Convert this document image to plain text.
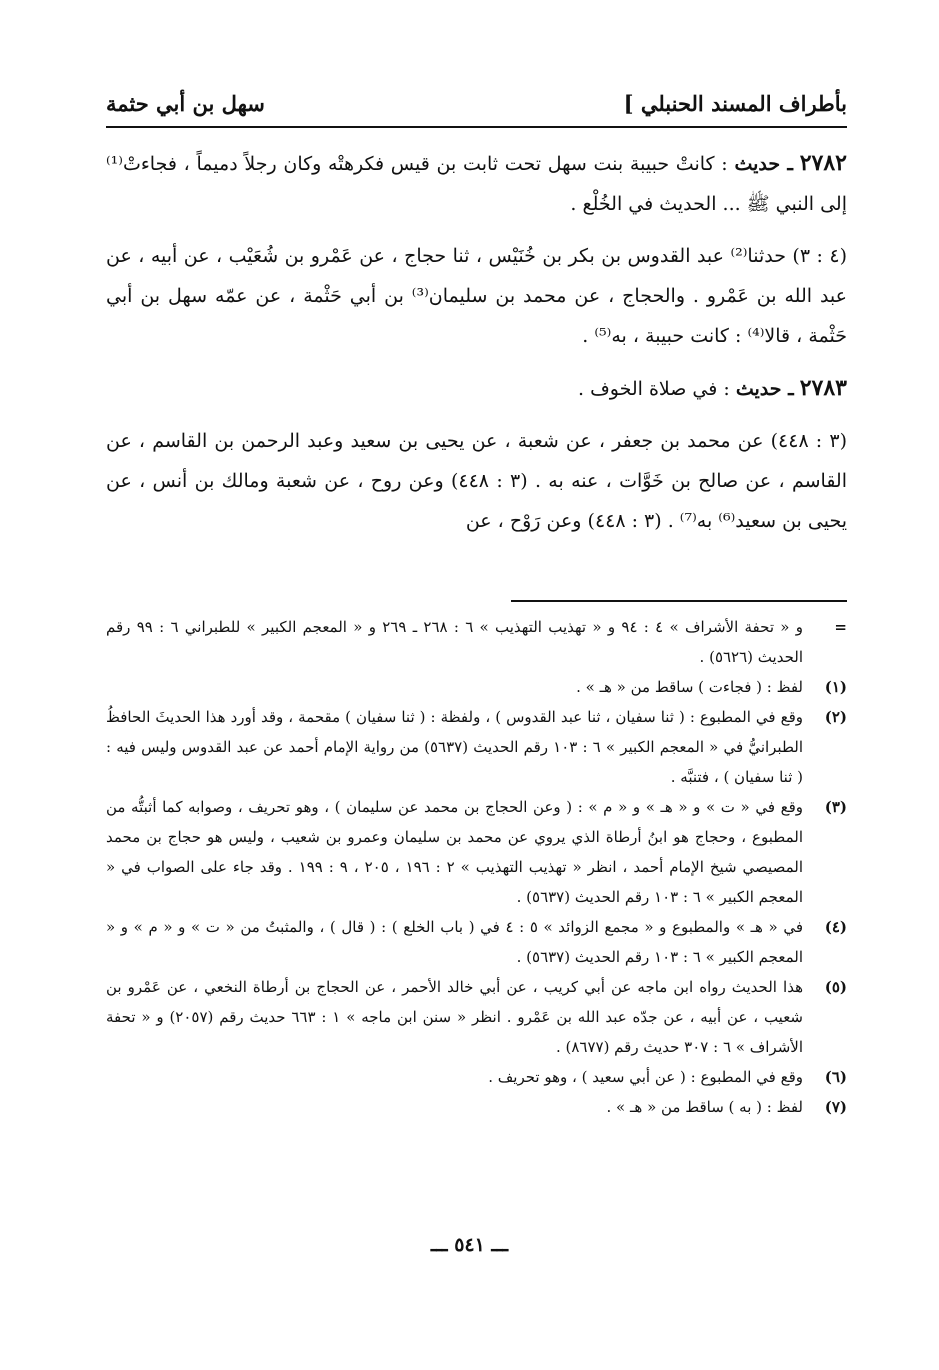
بأطراف المسند الحنبلي ]
سهل بن أبي حثمة

٢٧٨٢ ـ حديث : كانتْ حبيبة بنت سهل تحت ثابت بن قيس فكرهتْه وكان رجلاً دميماً ، فجاءتْ⁽¹⁾ إلى النبي ﷺ ... الحديث في الخُلْع .

(٤ : ٣) حدثنا⁽²⁾ عبد القدوس بن بكر بن خُنَيْس ، ثنا حجاج ، عن عَمْرو بن شُعَيْب ، عن أبيه ، عن عبد الله بن عَمْرو . والحجاج ، عن محمد بن سليمان⁽³⁾ بن أبي حَثْمة ، عن عمّه سهل بن أبي حَثْمة ، قالا⁽⁴⁾ : كانت حبيبة ، به⁽⁵⁾ .

٢٧٨٣ ـ حديث : في صلاة الخوف .

(٣ : ٤٤٨) عن محمد بن جعفر ، عن شعبة ، عن يحيى بن سعيد وعبد الرحمن بن القاسم ، عن القاسم ، عن صالح بن خَوَّات ، عنه به . (٣ : ٤٤٨) وعن روح ، عن شعبة ومالك بن أنس ، عن يحيى بن سعيد⁽⁶⁾ به⁽⁷⁾ . (٣ : ٤٤٨) وعن رَوْح ، عن

=
و « تحفة الأشراف » ٤ : ٩٤ و « تهذيب التهذيب » ٦ : ٢٦٨ ـ ٢٦٩ و « المعجم الكبير » للطبراني ٦ : ٩٩ رقم الحديث (٥٦٢٦) .
(١)
لفظ : ( فجاءت ) ساقط من « هـ » .
(٢)
وقع في المطبوع : ( ثنا سفيان ، ثنا عبد القدوس ) ، ولفظة : ( ثنا سفيان ) مقحمة ، وقد أورد هذا الحديثَ الحافظُ الطبرانيُّ في « المعجم الكبير » ٦ : ١٠٣ رقم الحديث (٥٦٣٧) من رواية الإمام أحمد عن عبد القدوس وليس فيه : ( ثنا سفيان ) ، فتنبَّه .
(٣)
وقع في « ت » و « هـ » و « م » : ( وعن الحجاج بن محمد عن سليمان ) ، وهو تحريف ، وصوابه كما أثبتُّه من المطبوع ، وحجاج هو ابنُ أرطاة الذي يروي عن محمد بن سليمان وعمرو بن شعيب ، وليس هو حجاج بن محمد المصيصي شيخ الإمام أحمد ، انظر « تهذيب التهذيب » ٢ : ١٩٦ ، ٢٠٥ ، ٩ : ١٩٩ . وقد جاء على الصواب في « المعجم الكبير » ٦ : ١٠٣ رقم الحديث (٥٦٣٧) .
(٤)
في « هـ » والمطبوع و « مجمع الزوائد » ٥ : ٤ في ( باب الخلع ) : ( قال ) ، والمثبتُ من « ت » و « م » و « المعجم الكبير » ٦ : ١٠٣ رقم الحديث (٥٦٣٧) .
(٥)
هذا الحديث رواه ابن ماجه عن أبي كريب ، عن أبي خالد الأحمر ، عن الحجاج بن أرطاة النخعي ، عن عَمْرو بن شعيب ، عن أبيه ، عن جدّه عبد الله بن عَمْرو . انظر « سنن ابن ماجه » ١ : ٦٦٣ حديث رقم (٢٠٥٧) و « تحفة الأشراف » ٦ : ٣٠٧ حديث رقم (٨٦٧٧) .
(٦)
وقع في المطبوع : ( عن أبي سعيد ) ، وهو تحريف .
(٧)
لفظ : ( به ) ساقط من « هـ » .
ـــ ٥٤١ ـــ
